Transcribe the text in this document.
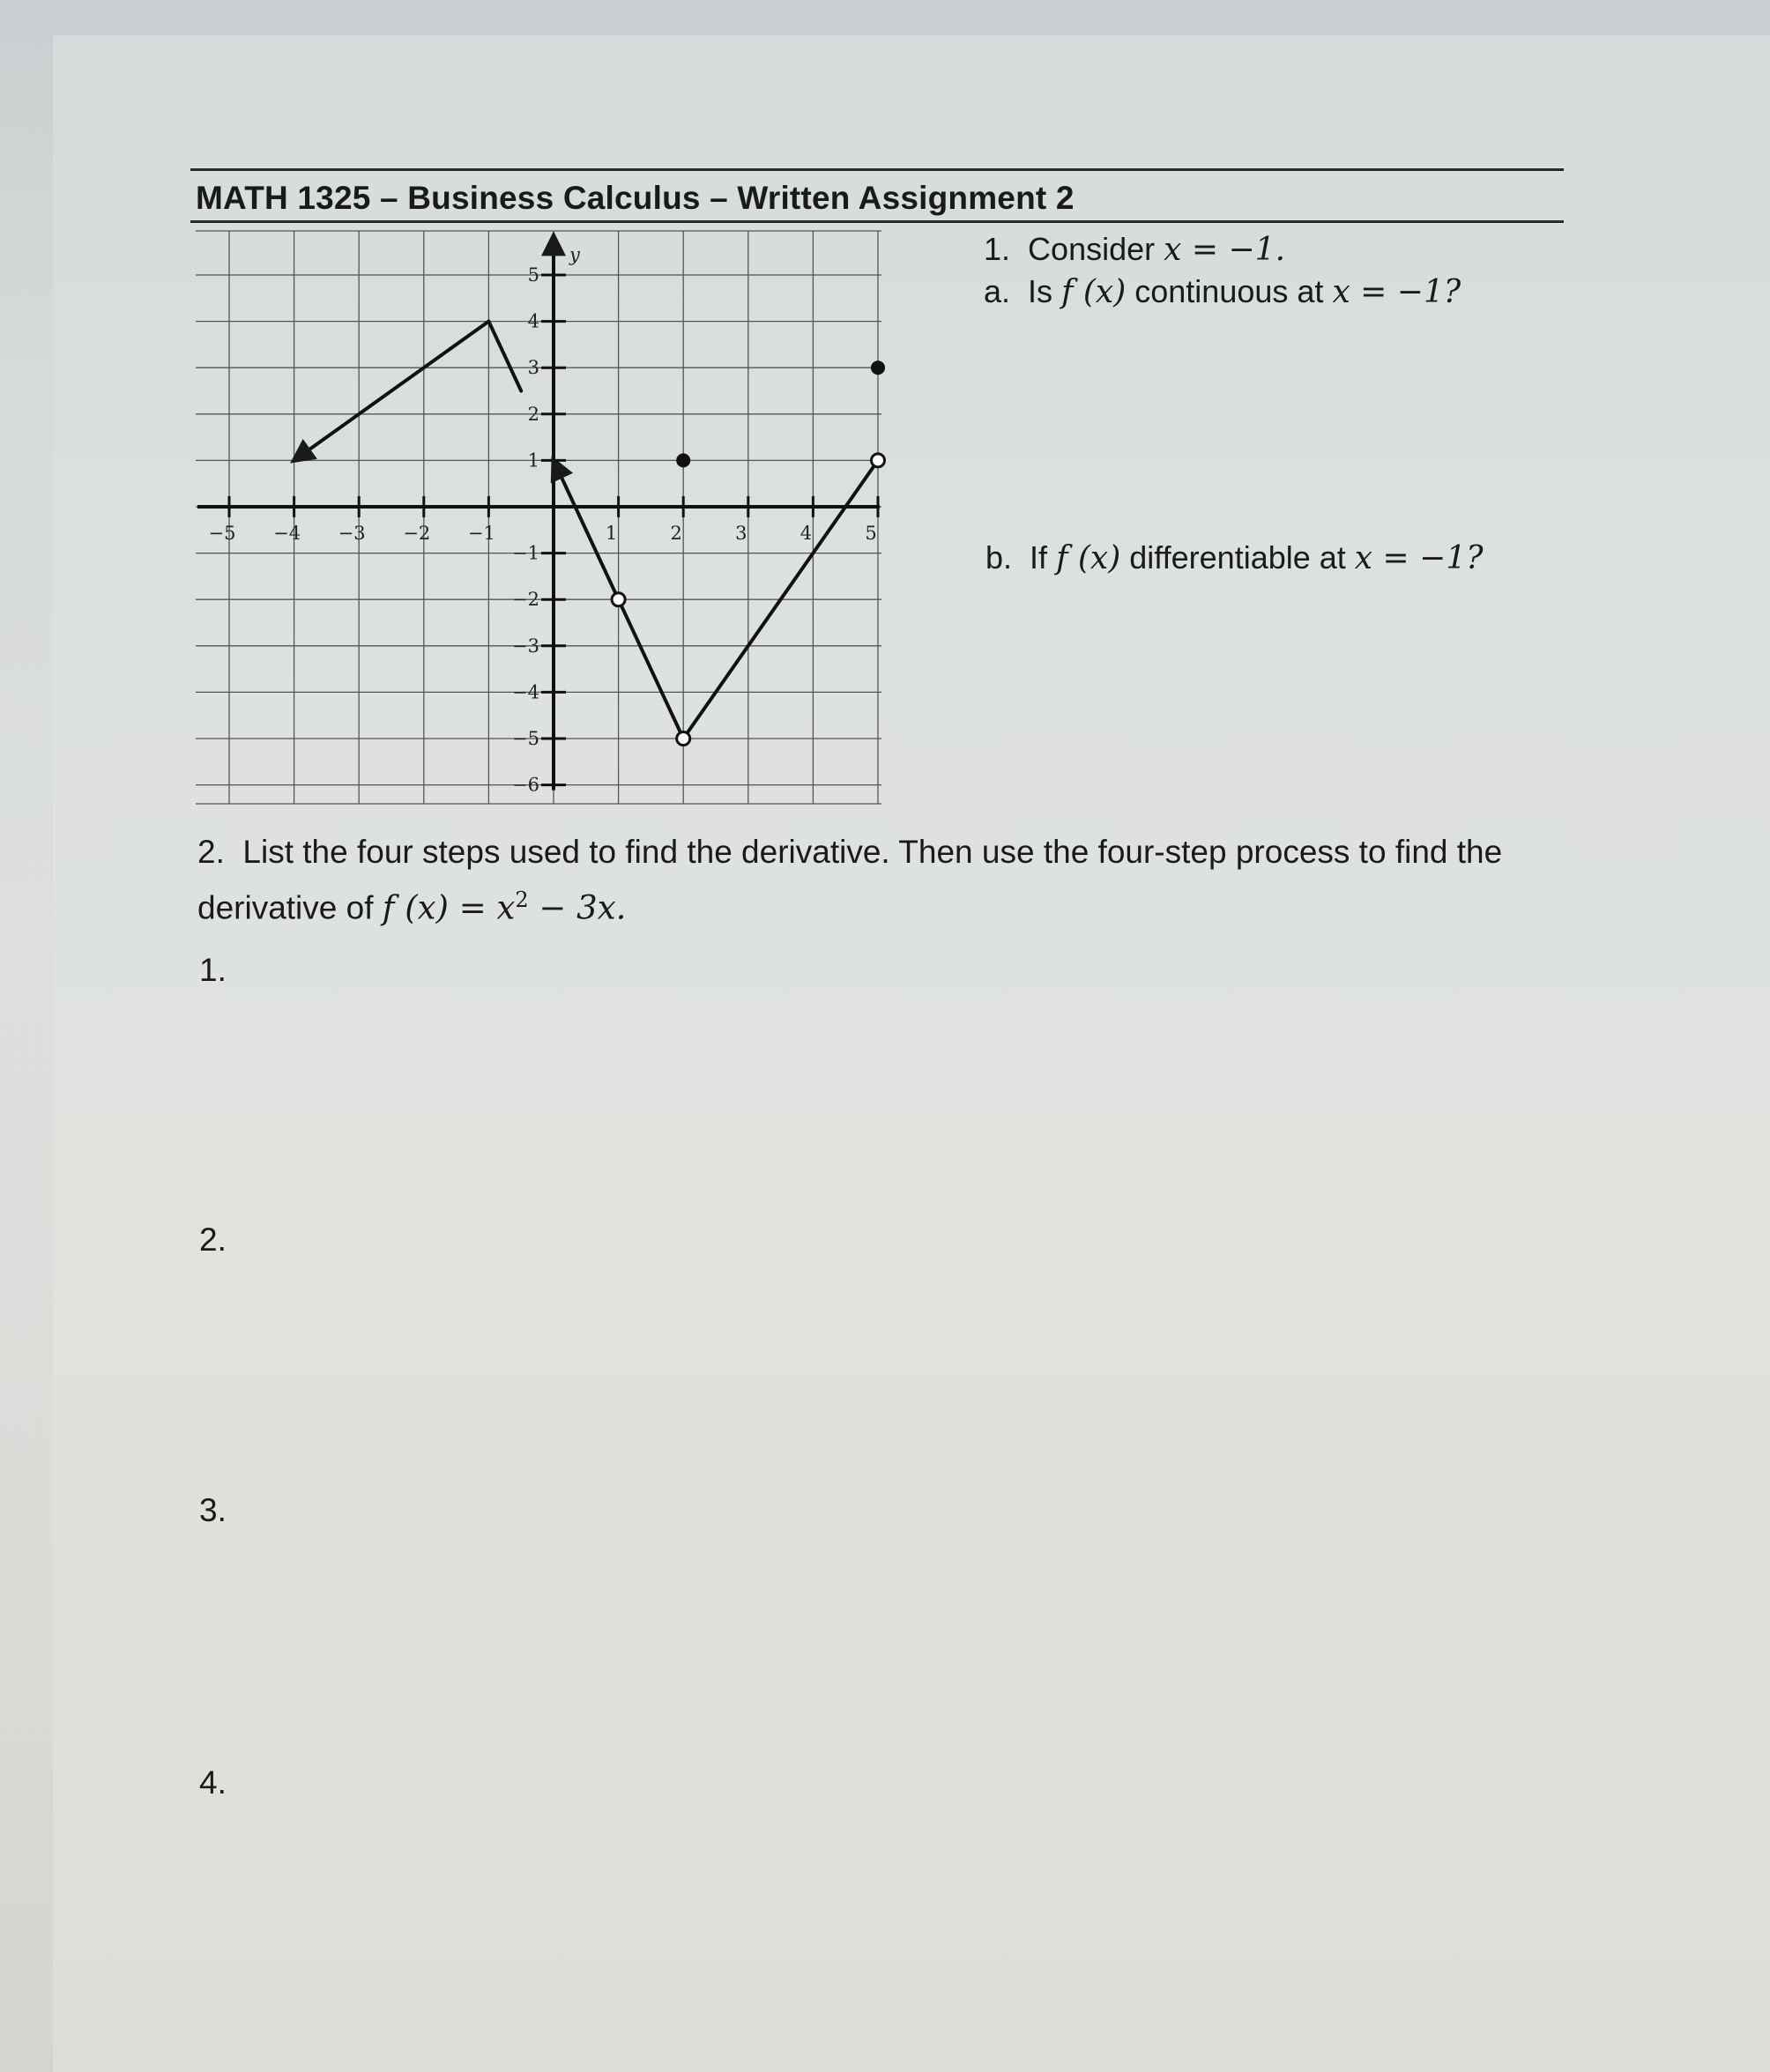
MATH 1325 – Business Calculus – Written Assignment 2
−5 −4 −3 −2 −1	1	2	3	4	5
5
4
3
2
1
−1
−2
−3
−4
−5
−6
y	1. Consider x = −1.
a. Is f (x) continuous at x = −1?
b. If f (x) differentiable at x = −1?
2. List the four steps used to find the derivative. Then use the four-step process to find the derivative of f $(x) = x^2 - 3x$.
1.
2.
3.
4.
